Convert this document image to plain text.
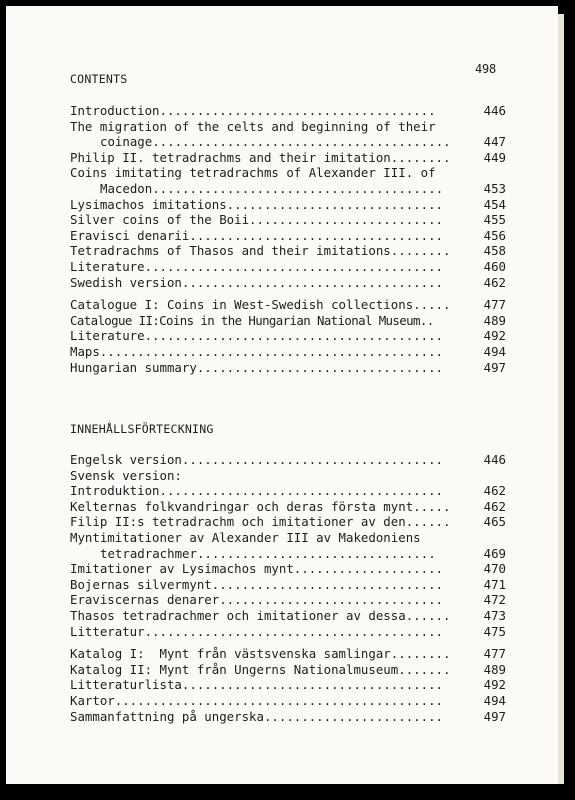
498
CONTENTS
Introduction.....................................	446
The migration of the celts and beginning of their
coinage........................................	447
Philip II. tetradrachms and their imitation........	449
Coins imitating tetradrachms of Alexander III. of
Macedon.......................................	453
Lysimachos imitations.............................	454
Silver coins of the Boii..........................	455
Eravisci denarii..................................	456
Tetradrachms of Thasos and their imitations........	458
Literature........................................	460
Swedish version...................................	462
Catalogue I: Coins in West-Swedish collections.....	477
Catalogue II:Coins in the Hungarian National Museum..	489
Literature........................................	492
Maps..............................................	494
Hungarian summary.................................	497
INNEHÅLLSFÖRTECKNING
Engelsk version...................................	446
Svensk version:
Introduktion......................................	462
Kelternas folkvandringar och deras första mynt.....	462
Filip II:s tetradrachm och imitationer av den......	465
Myntimitationer av Alexander III av Makedoniens
tetradrachmer................................	469
Imitationer av Lysimachos mynt....................	470
Bojernas silvermynt...............................	471
Eraviscernas denarer..............................	472
Thasos tetradrachmer och imitationer av dessa......	473
Litteratur........................................	475
Katalog I:  Mynt från västsvenska samlingar........	477
Katalog II: Mynt från Ungerns Nationalmuseum.......	489
Litteraturlista...................................	492
Kartor............................................	494
Sammanfattning på ungerska........................	497
